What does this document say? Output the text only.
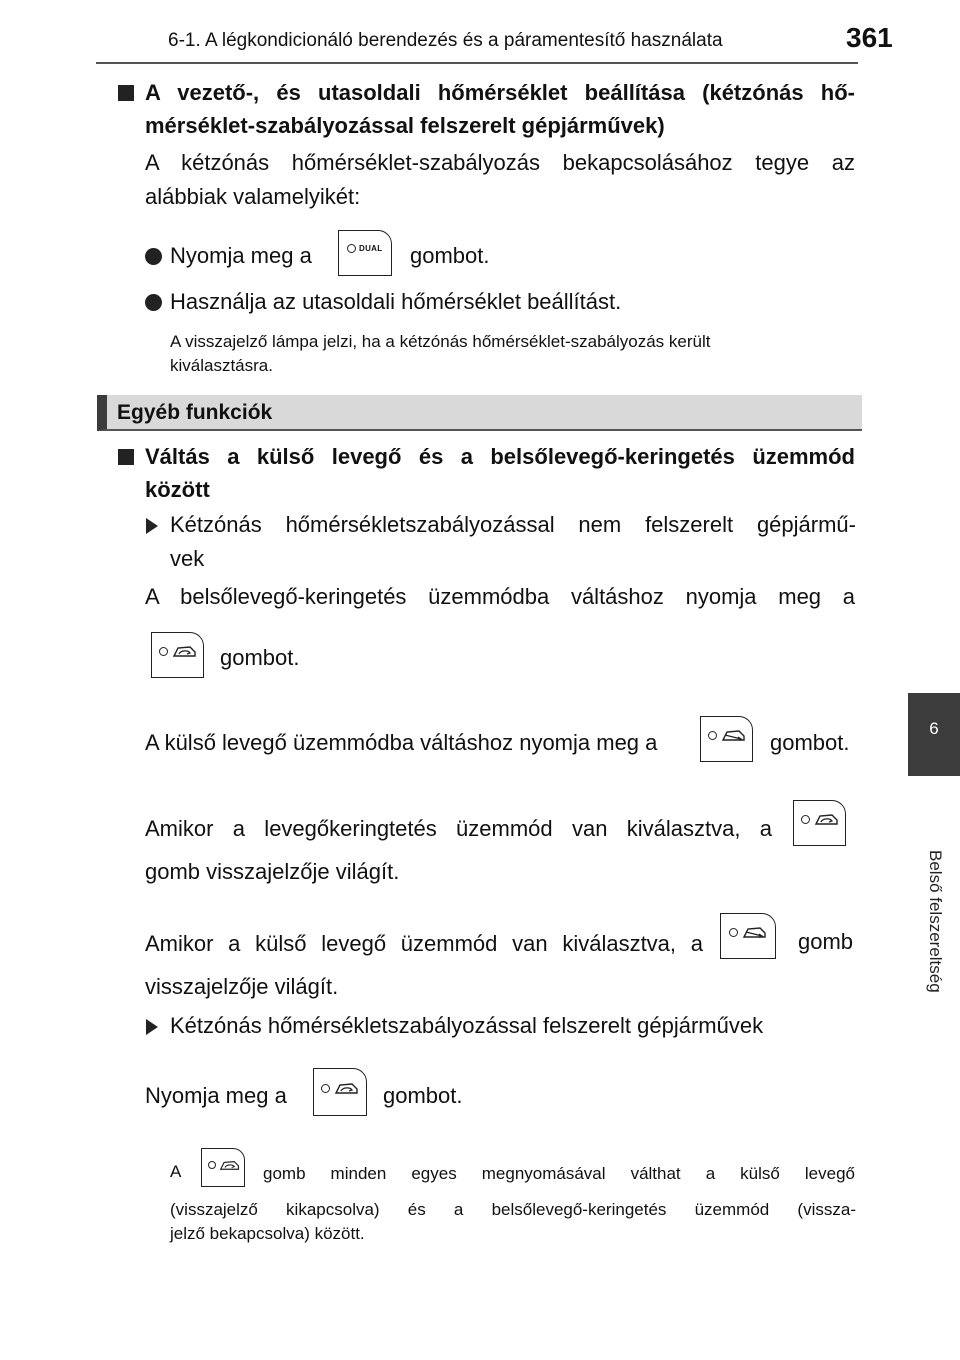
6-1. A légkondicionáló berendezés és a páramentesítő használata	361
6
Belső felszereltség
A vezető-, és utasoldali hőmérséklet beállítása (kétzónás hő-
mérséklet-szabályozással felszerelt gépjárművek)
A kétzónás hőmérséklet-szabályozás bekapcsolásához tegye az
alábbiak valamelyikét:
Nyomja meg a	DUAL gombot.
Használja az utasoldali hőmérséklet beállítást.
A visszajelző lámpa jelzi, ha a kétzónás hőmérséklet-szabályozás került
kiválasztásra.
Egyéb funkciók
Váltás a külső levegő és a belsőlevegő-keringetés üzemmód
között
Kétzónás hőmérsékletszabályozással nem felszerelt gépjármű-
vek
A belsőlevegő-keringetés üzemmódba váltáshoz nyomja meg a
gombot.
A külső levegő üzemmódba váltáshoz nyomja meg a	gombot.
Amikor a levegőkeringtetés üzemmód van kiválasztva, a
gomb visszajelzője világít.
Amikor a külső levegő üzemmód van kiválasztva, a	gomb
visszajelzője világít.
Kétzónás hőmérsékletszabályozással felszerelt gépjárművek
Nyomja meg a	gombot.
A	gomb minden egyes megnyomásával válthat a külső levegő
(visszajelző kikapcsolva) és a belsőlevegő-keringetés üzemmód (vissza-
jelző bekapcsolva) között.
